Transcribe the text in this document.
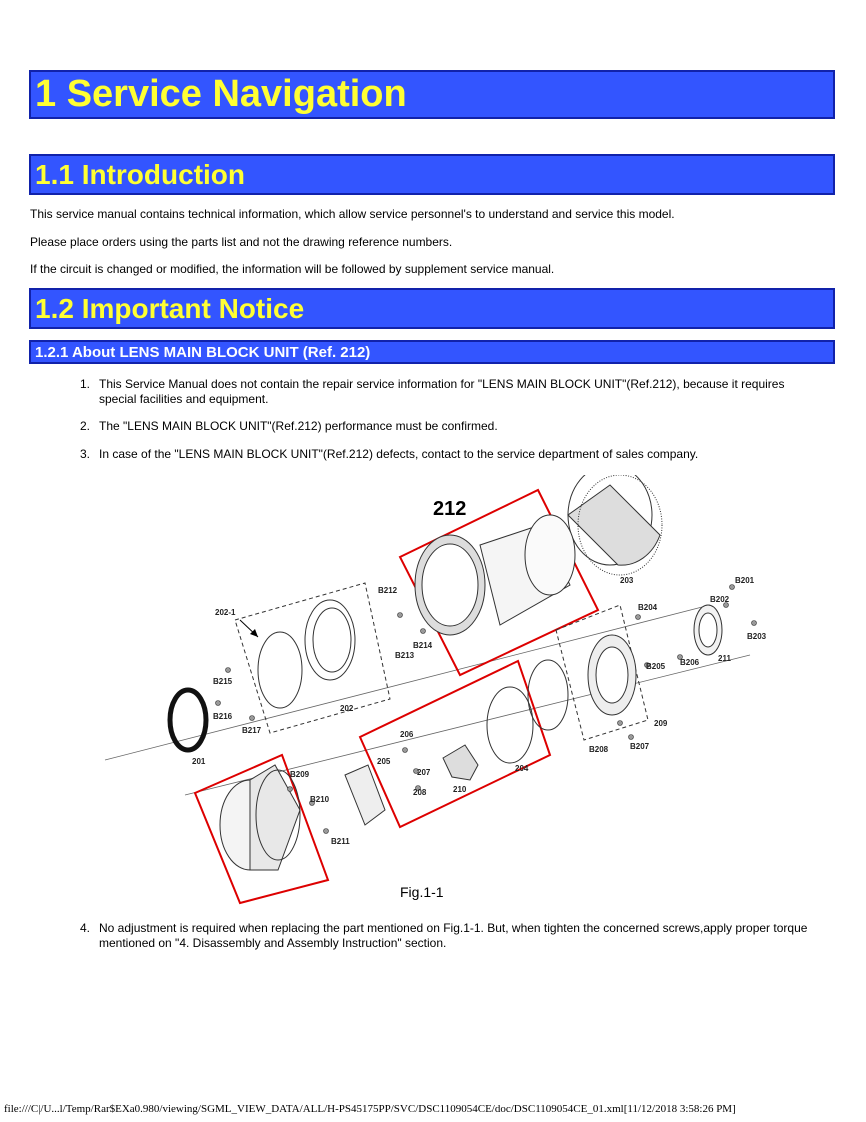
1 Service Navigation
1.1 Introduction
This service manual contains technical information, which allow service personnel's to understand and service this model.
Please place orders using the parts list and not the drawing reference numbers.
If the circuit is changed or modified, the information will be followed by supplement service manual.
1.2 Important Notice
1.2.1 About LENS MAIN BLOCK UNIT (Ref. 212)
1. This Service Manual does not contain the repair service information for "LENS MAIN BLOCK UNIT"(Ref.212), because it requires special facilities and equipment.
2. The "LENS MAIN BLOCK UNIT"(Ref.212) performance must be confirmed.
3. In case of the "LENS MAIN BLOCK UNIT"(Ref.212) defects, contact to the service department of sales company.
4. No adjustment is required when replacing the part mentioned on Fig.1-1. But, when tighten the concerned screws,apply proper torque mentioned on "4. Disassembly and Assembly Instruction" section.
212
203	B201
B202
B203
B204
B205 B206 211
209
B208	B207
204
210
206
205
207
208
B209
B210
B211
201
B215
B216
B217
202
202-1
B212
B214
B213
Fig.1-1
file:///C|/U...l/Temp/Rar$EXa0.980/viewing/SGML_VIEW_DATA/ALL/H-PS45175PP/SVC/DSC1109054CE/doc/DSC1109054CE_01.xml[11/12/2018 3:58:26 PM]
